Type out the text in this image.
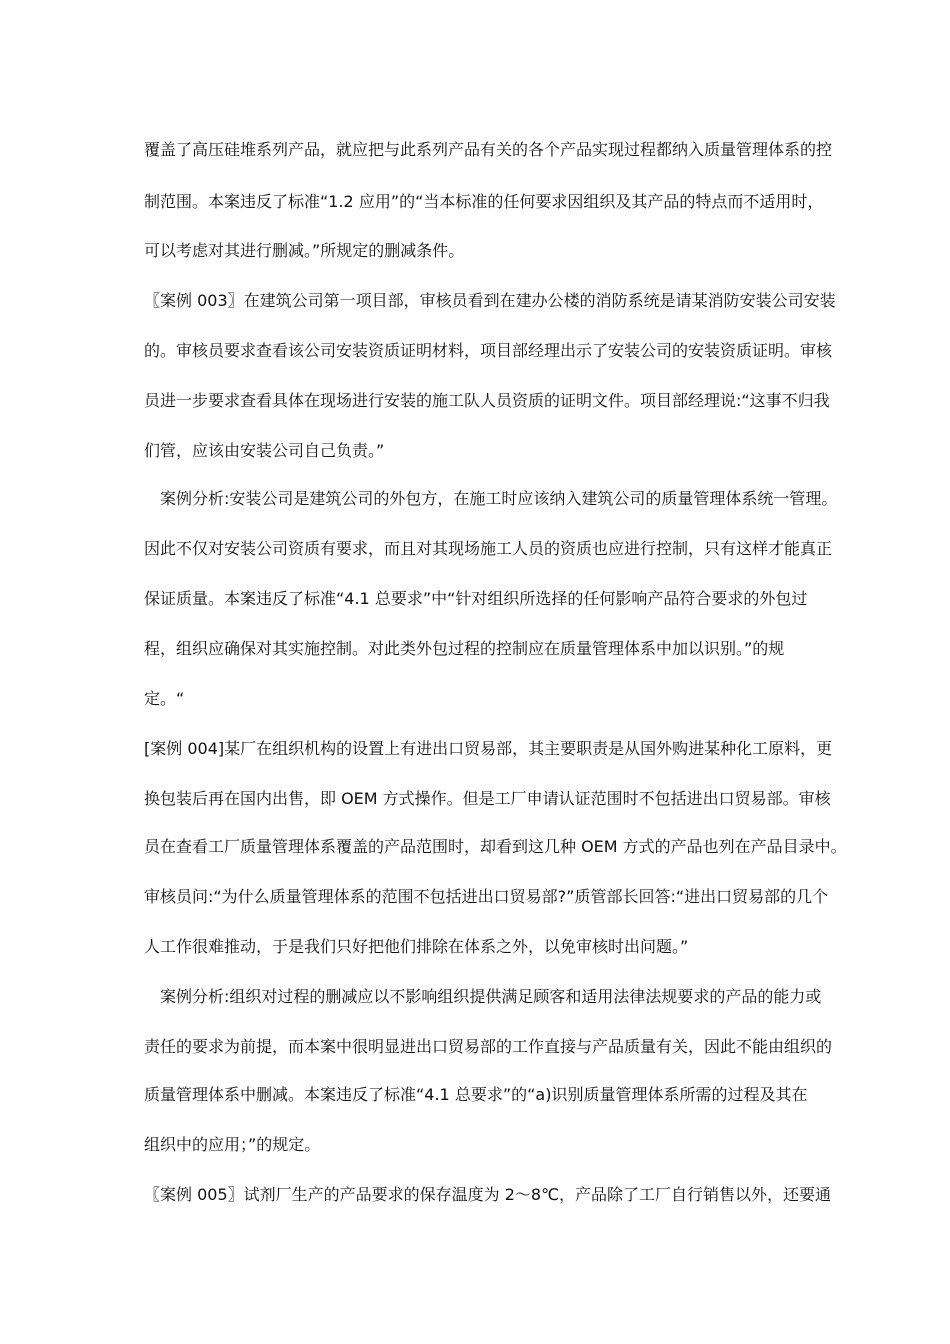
覆盖了高压硅堆系列产品，就应把与此系列产品有关的各个产品实现过程都纳入质量管理体系的控
制范围。本案违反了标准“1.2 应用”的“当本标准的任何要求因组织及其产品的特点而不适用时，
可以考虑对其进行删减。”所规定的删减条件。
〖案例 003〗在建筑公司第一项目部，审核员看到在建办公楼的消防系统是请某消防安装公司安装
的。审核员要求查看该公司安装资质证明材料，项目部经理出示了安装公司的安装资质证明。审核
员进一步要求查看具体在现场进行安装的施工队人员资质的证明文件。项目部经理说:“这事不归我
们管，应该由安装公司自己负责。”
案例分析:安装公司是建筑公司的外包方，在施工时应该纳入建筑公司的质量管理体系统一管理。
因此不仅对安装公司资质有要求，而且对其现场施工人员的资质也应进行控制，只有这样才能真正
保证质量。本案违反了标准“4.1 总要求”中“针对组织所选择的任何影响产品符合要求的外包过
程，组织应确保对其实施控制。对此类外包过程的控制应在质量管理体系中加以识别。”的规
定。“
[案例 004]某厂在组织机构的设置上有进出口贸易部，其主要职责是从国外购进某种化工原料，更
换包装后再在国内出售，即 OEM 方式操作。但是工厂申请认证范围时不包括进出口贸易部。审核
员在查看工厂质量管理体系覆盖的产品范围时，却看到这几种 OEM 方式的产品也列在产品目录中。
审核员问:“为什么质量管理体系的范围不包括进出口贸易部?”质管部长回答:“进出口贸易部的几个
人工作很难推动，于是我们只好把他们排除在体系之外，以免审核时出问题。”
案例分析:组织对过程的删减应以不影响组织提供满足顾客和适用法律法规要求的产品的能力或
责任的要求为前提，而本案中很明显进出口贸易部的工作直接与产品质量有关，因此不能由组织的
质量管理体系中删减。本案违反了标准“4.1 总要求”的“a)识别质量管理体系所需的过程及其在
组织中的应用；”的规定。
〖案例 005〗试剂厂生产的产品要求的保存温度为 2～8℃，产品除了工厂自行销售以外，还要通
